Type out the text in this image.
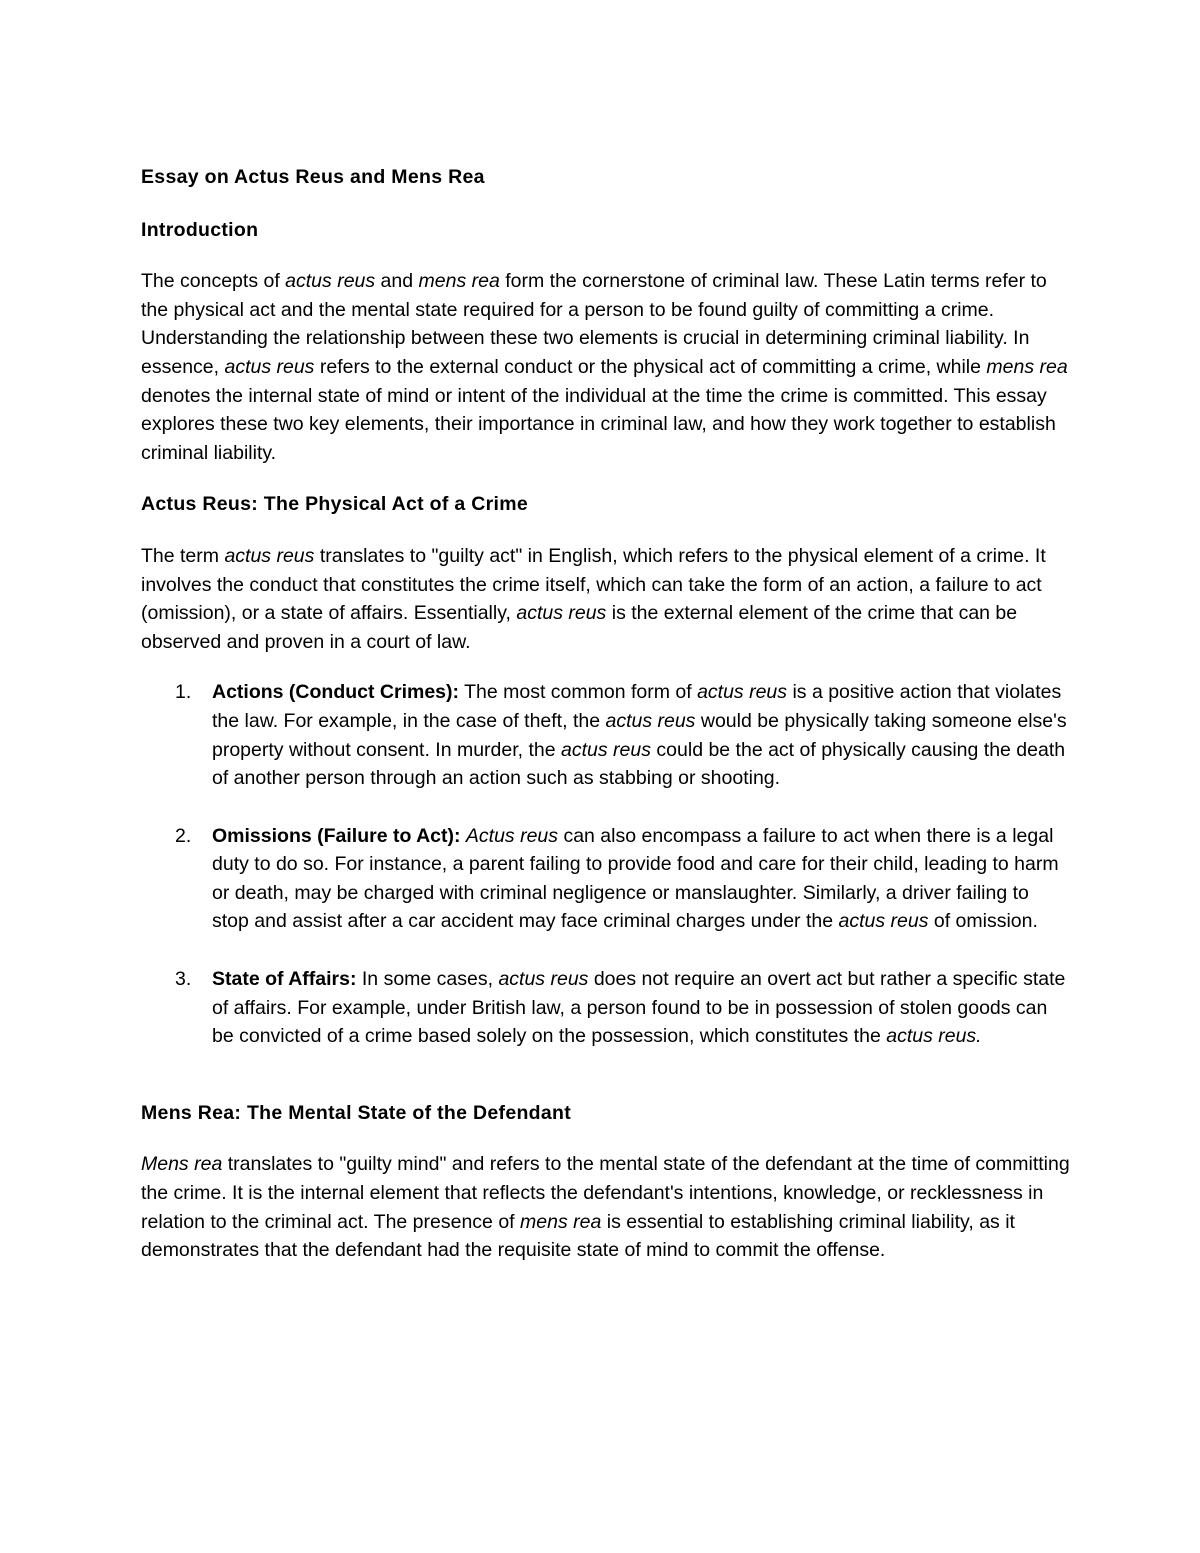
Essay on Actus Reus and Mens Rea
Introduction

The concepts of actus reus and mens rea form the cornerstone of criminal law. These Latin terms refer to the physical act and the mental state required for a person to be found guilty of committing a crime. Understanding the relationship between these two elements is crucial in determining criminal liability. In essence, actus reus refers to the external conduct or the physical act of committing a crime, while mens rea denotes the internal state of mind or intent of the individual at the time the crime is committed. This essay explores these two key elements, their importance in criminal law, and how they work together to establish criminal liability.

Actus Reus: The Physical Act of a Crime

The term actus reus translates to "guilty act" in English, which refers to the physical element of a crime. It involves the conduct that constitutes the crime itself, which can take the form of an action, a failure to act (omission), or a state of affairs. Essentially, actus reus is the external element of the crime that can be observed and proven in a court of law.

1. Actions (Conduct Crimes): The most common form of actus reus is a positive action that violates the law. For example, in the case of theft, the actus reus would be physically taking someone else's property without consent. In murder, the actus reus could be the act of physically causing the death of another person through an action such as stabbing or shooting.
2. Omissions (Failure to Act): Actus reus can also encompass a failure to act when there is a legal duty to do so. For instance, a parent failing to provide food and care for their child, leading to harm or death, may be charged with criminal negligence or manslaughter. Similarly, a driver failing to stop and assist after a car accident may face criminal charges under the actus reus of omission.
3. State of Affairs: In some cases, actus reus does not require an overt act but rather a specific state of affairs. For example, under British law, a person found to be in possession of stolen goods can be convicted of a crime based solely on the possession, which constitutes the actus reus.
Mens Rea: The Mental State of the Defendant

Mens rea translates to "guilty mind" and refers to the mental state of the defendant at the time of committing the crime. It is the internal element that reflects the defendant's intentions, knowledge, or recklessness in relation to the criminal act. The presence of mens rea is essential to establishing criminal liability, as it demonstrates that the defendant had the requisite state of mind to commit the offense.
